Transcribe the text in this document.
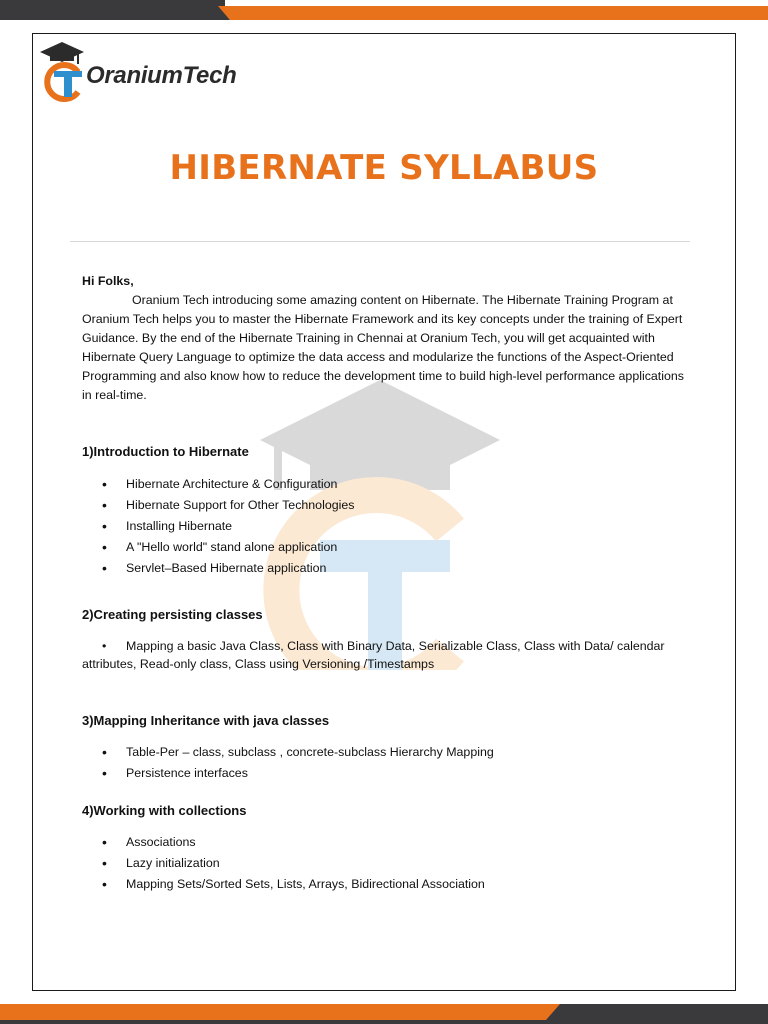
OraniumTech
HIBERNATE SYLLABUS
Hi Folks,

Oranium Tech introducing some amazing content on Hibernate. The Hibernate Training Program at Oranium Tech helps you to master the Hibernate Framework and its key concepts under the training of Expert Guidance. By the end of the Hibernate Training in Chennai at Oranium Tech, you will get acquainted with Hibernate Query Language to optimize the data access and modularize the functions of the Aspect-Oriented Programming and also know how to reduce the development time to build high-level performance applications in real-time.

1)Introduction to Hibernate
• Hibernate Architecture & Configuration
• Hibernate Support for Other Technologies
• Installing Hibernate
• A "Hello world" stand alone application
• Servlet–Based Hibernate application
2)Creating persisting classes
• Mapping a basic Java Class, Class with Binary Data, Serializable Class, Class with Data/ calendar attributes, Read-only class, Class using Versioning /Timestamps
3)Mapping Inheritance with java classes
• Table-Per – class, subclass , concrete-subclass Hierarchy Mapping
• Persistence interfaces
4)Working with collections
• Associations
• Lazy initialization
• Mapping Sets/Sorted Sets, Lists, Arrays, Bidirectional Association
